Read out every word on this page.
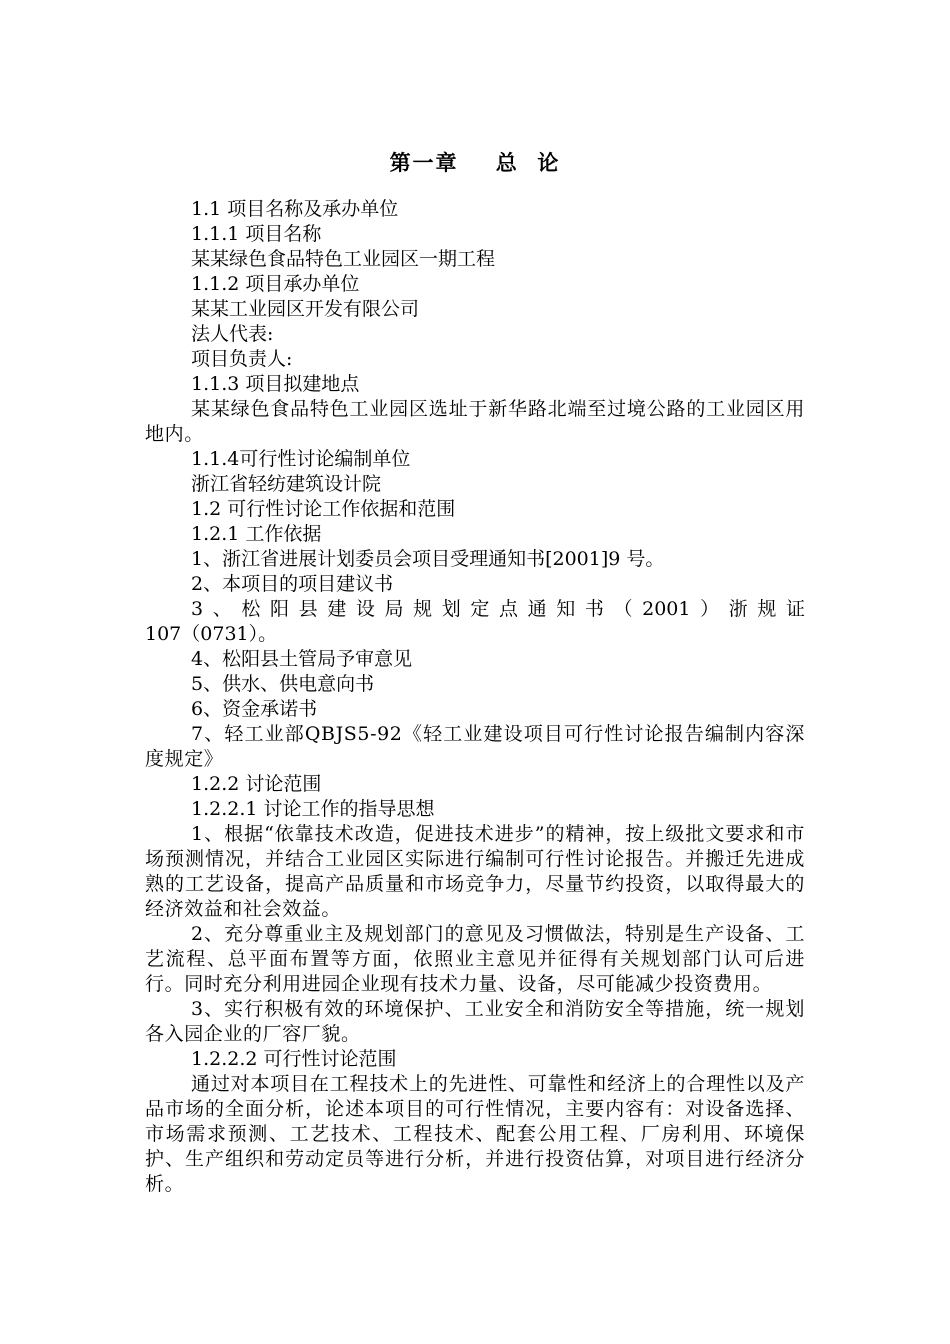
第一章    总  论
1.1 项目名称及承办单位
1.1.1 项目名称
某某绿色食品特色工业园区一期工程
1.1.2 项目承办单位
某某工业园区开发有限公司
法人代表:
项目负责人:
1.1.3 项目拟建地点
某某绿色食品特色工业园区选址于新华路北端至过境公路的工业园区用地内。
1.1.4可行性讨论编制单位
浙江省轻纺建筑设计院
1.2 可行性讨论工作依据和范围
1.2.1 工作依据
1、浙江省进展计划委员会项目受理通知书[2001]9 号。
2、本项目的项目建议书
3、松阳县建设局规划定点通知书（2001）浙规证
107（0731）。
4、松阳县土管局予审意见
5、供水、供电意向书
6、资金承诺书
7、轻工业部QBJS5-92《轻工业建设项目可行性讨论报告编制内容深度规定》
1.2.2 讨论范围
1.2.2.1 讨论工作的指导思想
1、根据“依靠技术改造，促进技术进步”的精神，按上级批文要求和市场预测情况，并结合工业园区实际进行编制可行性讨论报告。并搬迁先进成熟的工艺设备，提高产品质量和市场竞争力，尽量节约投资，以取得最大的经济效益和社会效益。
2、充分尊重业主及规划部门的意见及习惯做法，特别是生产设备、工艺流程、总平面布置等方面，依照业主意见并征得有关规划部门认可后进行。同时充分利用进园企业现有技术力量、设备，尽可能减少投资费用。
3、实行积极有效的环境保护、工业安全和消防安全等措施，统一规划各入园企业的厂容厂貌。
1.2.2.2 可行性讨论范围
通过对本项目在工程技术上的先进性、可靠性和经济上的合理性以及产品市场的全面分析，论述本项目的可行性情况，主要内容有：对设备选择、市场需求预测、工艺技术、工程技术、配套公用工程、厂房利用、环境保护、生产组织和劳动定员等进行分析，并进行投资估算，对项目进行经济分析。
